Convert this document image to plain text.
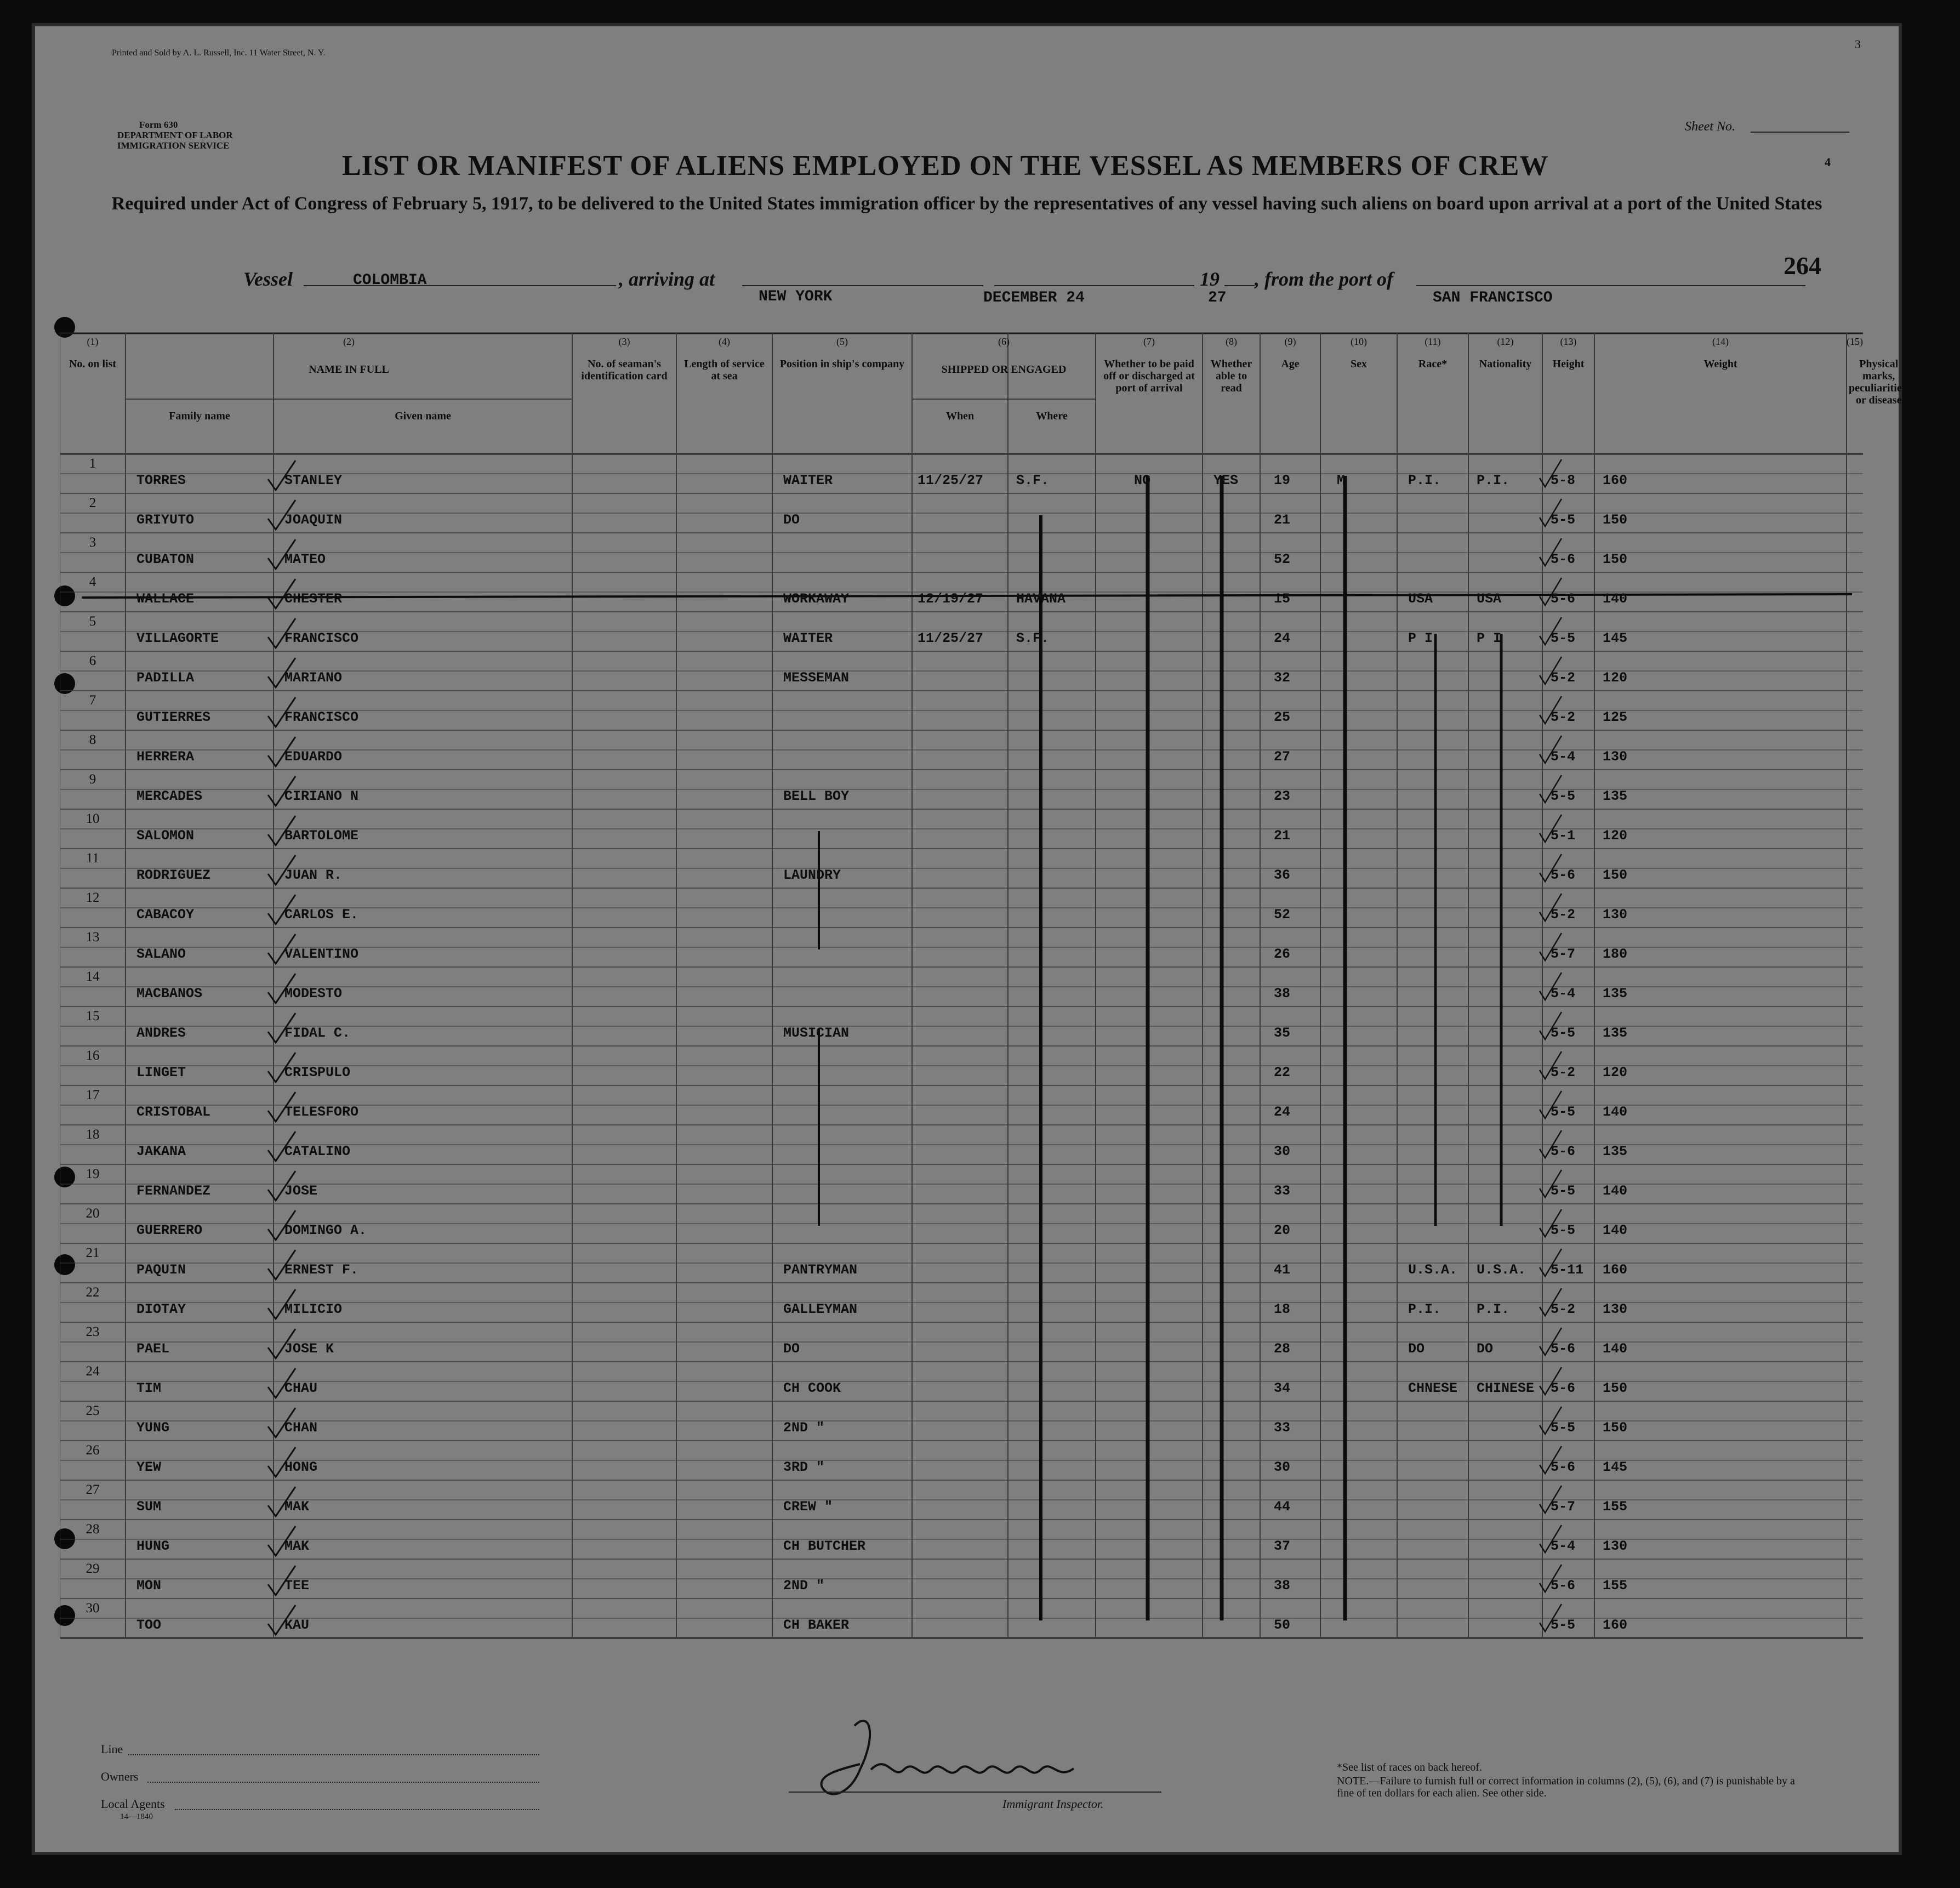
Printed and Sold by A. L. Russell, Inc. 11 Water Street, N. Y.
3
Form 630
DEPARTMENT OF LABOR
IMMIGRATION SERVICE
Sheet No.
4
LIST OR MANIFEST OF ALIENS EMPLOYED ON THE VESSEL AS MEMBERS OF CREW
Required under Act of Congress of February 5, 1917, to be delivered to the United States immigration officer by the representatives of any vessel having such aliens on board upon arrival at a port of the United States
Vessel	COLOMBIA	, arriving at
NEW YORK	DECEMBER 24
19
27
, from the port of
SAN FRANCISCO
264
(1)
No. on list
(2)
NAME IN FULL
Family name	Given name
(3)
No. of seaman's identification card
(4)
Length of service at sea
(5)
Position in ship's company
(6)
SHIPPED OR ENGAGED
When	Where
(7)
Whether to be paid off or discharged at port of arrival
(8)
Whether able to read
(9)
Age
(10)
Sex
(11)
Race*
(12)
Nationality
(13)
Height
(14)
Weight
(15)
Physical marks, peculiarities, or disease
1
TORRES	STANLEY	WAITER	11/25/27 S.F.	NO	YES	19	M	P.I.	P.I.	5-8 160
2
GRIYUTO	JOAQUIN	DO	21	5-5 150
3
CUBATON	MATEO	52	5-6 150
4
WALLACE	CHESTER	WORKAWAY	12/19/27 HAVANA	15	USA	USA	5-6 140
5
VILLAGORTE	FRANCISCO	WAITER	11/25/27 S.F.	24	P I	P I	5-5 145
6
PADILLA	MARIANO	MESSEMAN	32	5-2 120
7
GUTIERRES	FRANCISCO	25	5-2 125
8
HERRERA	EDUARDO	27	5-4 130
9
MERCADES	CIRIANO N	BELL BOY	23	5-5 135
10
SALOMON	BARTOLOME	21	5-1 120
11
RODRIGUEZ	JUAN R.	LAUNDRY	36	5-6 150
12
CABACOY	CARLOS E.	52	5-2 130
13
SALANO	VALENTINO	26	5-7 180
14
MACBANOS	MODESTO	38	5-4 135
15
ANDRES	FIDAL C.	MUSICIAN	35	5-5 135
16
LINGET	CRISPULO	22	5-2 120
17
CRISTOBAL	TELESFORO	24	5-5 140
18
JAKANA	CATALINO	30	5-6 135
19
FERNANDEZ	JOSE	33	5-5 140
20
GUERRERO	DOMINGO A.	20	5-5 140
21
PAQUIN	ERNEST F.	PANTRYMAN	41	U.S.A. U.S.A. 5-11 160
22
DIOTAY	MILICIO	GALLEYMAN	18	P.I.	P.I.	5-2 130
23
PAEL	JOSE K	DO	28	DO	DO	5-6 140
24
TIM	CHAU	CH COOK	34	CHNESE CHINESE 5-6 150
25
YUNG	CHAN	2ND "	33	5-5 150
26
YEW	HONG	3RD "	30	5-6 145
27
SUM	MAK	CREW "	44	5-7 155
28
HUNG	MAK	CH BUTCHER	37	5-4 130
29
MON	TEE	2ND "	38	5-6 155
30
TOO	KAU	CH BAKER	50	5-5 160
Line
Owners
Local Agents
14—1840
Immigrant Inspector.
*See list of races on back hereof.
NOTE.—Failure to furnish full or correct information in columns (2), (5), (6), and (7) is punishable by a fine of ten dollars for each alien. See other side.
